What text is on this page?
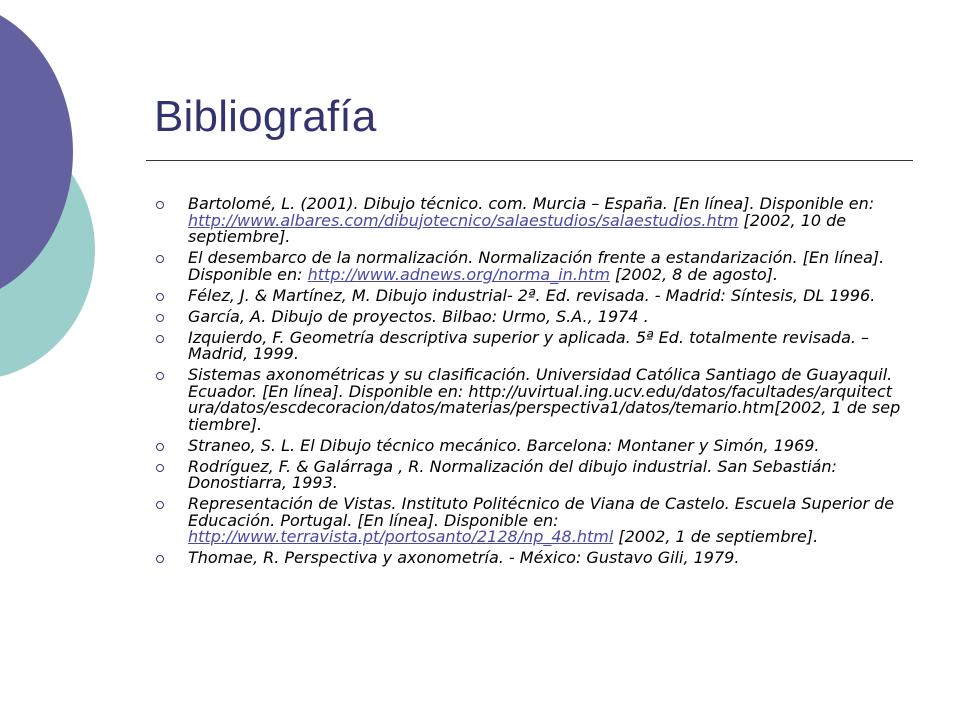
Bibliografía
Bartolomé, L. (2001). Dibujo técnico. com. Murcia – España. [En línea]. Disponible en: http://www.albares.com/dibujotecnico/salaestudios/salaestudios.htm [2002, 10 de septiembre].
El desembarco de la normalización. Normalización frente a estandarización. [En línea]. Disponible en: http://www.adnews.org/norma_in.htm [2002, 8 de agosto].
Félez, J. & Martínez, M. Dibujo industrial- 2ª. Ed. revisada. - Madrid: Síntesis, DL 1996.
García, A. Dibujo de proyectos. Bilbao: Urmo, S.A., 1974 .
Izquierdo, F. Geometría descriptiva superior y aplicada. 5ª Ed. totalmente revisada. – Madrid, 1999.
Sistemas axonométricas y su clasificación. Universidad Católica Santiago de Guayaquil. Ecuador. [En línea]. Disponible en: http://uvirtual.ing.ucv.edu/datos/facultades/arquitectura/datos/escdecoracion/datos/materias/perspectiva1/datos/temario.htm[2002, 1 de septiembre].
Straneo, S. L. El Dibujo técnico mecánico. Barcelona: Montaner y Simón, 1969.
Rodríguez, F. & Galárraga , R. Normalización del dibujo industrial. San Sebastián: Donostiarra, 1993.
Representación de Vistas. Instituto Politécnico de Viana de Castelo. Escuela Superior de Educación. Portugal. [En línea]. Disponible en: http://www.terravista.pt/portosanto/2128/np_48.html [2002, 1 de septiembre].
Thomae, R. Perspectiva y axonometría. - México: Gustavo Gili, 1979.
